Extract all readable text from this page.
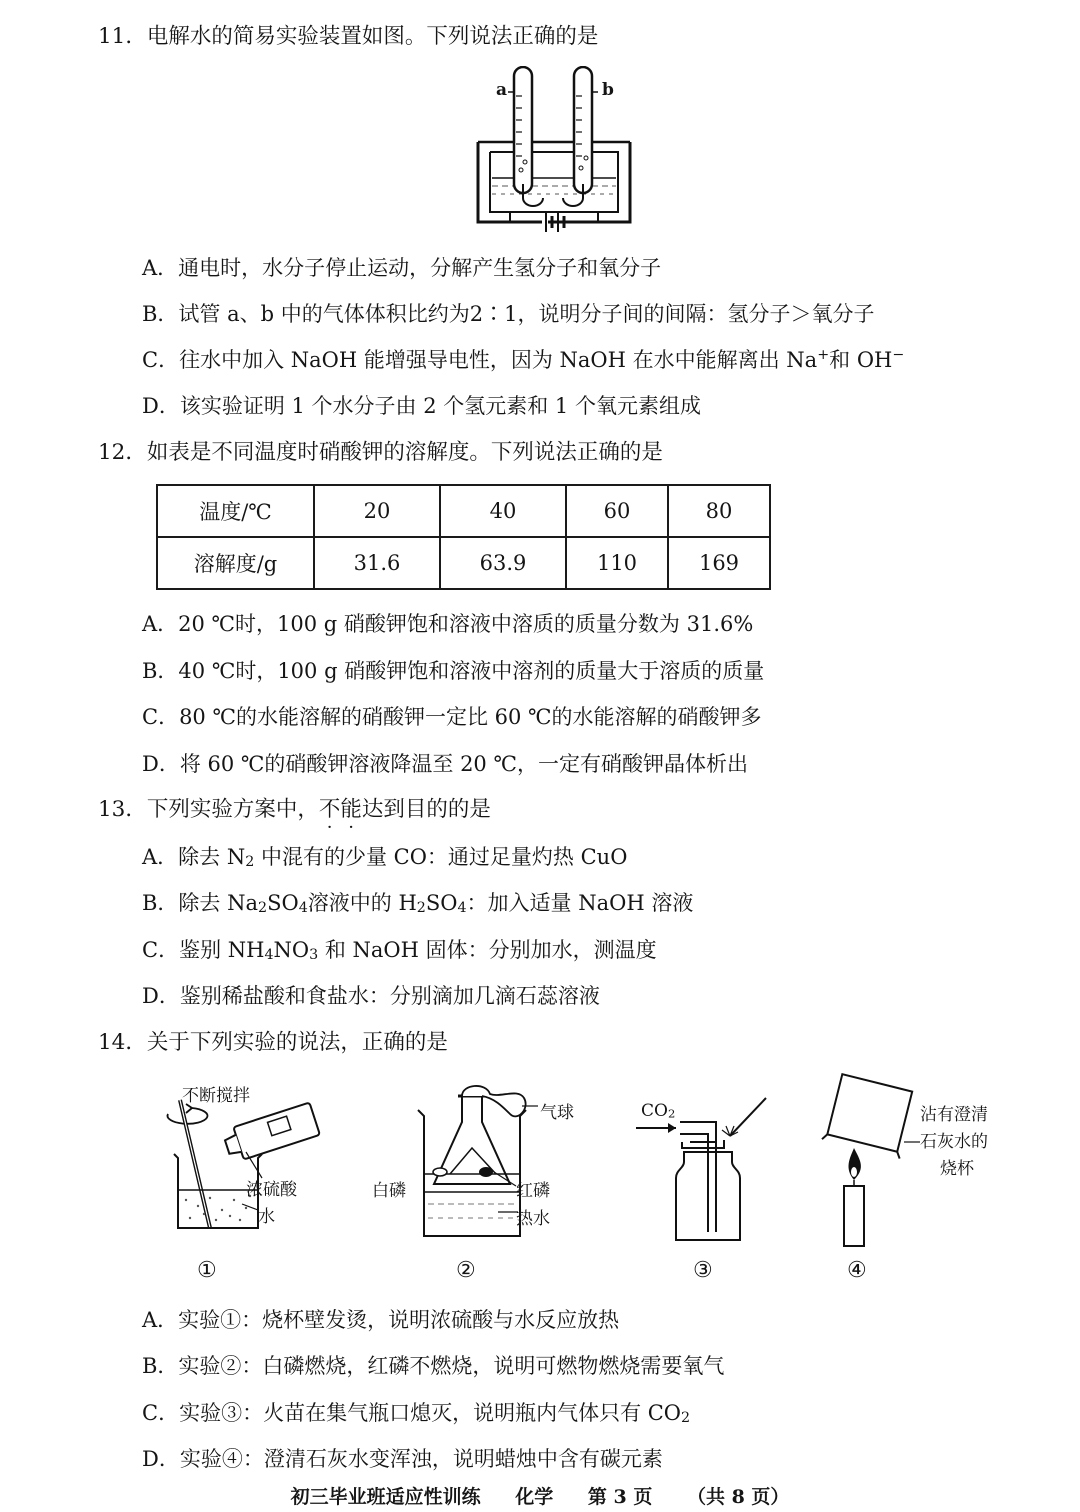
11．电解水的简易实验装置如图。下列说法正确的是
a	b
A．通电时，水分子停止运动，分解产生氢分子和氧分子
B．试管 a、b 中的气体体积比约为2∶1，说明分子间的间隔：氢分子＞氧分子
C．往水中加入 NaOH 能增强导电性，因为 NaOH 在水中能解离出 Na+和 OH−
D．该实验证明 1 个水分子由 2 个氢元素和 1 个氧元素组成
12．如表是不同温度时硝酸钾的溶解度。下列说法正确的是
温度/℃	20	40	60	80
溶解度/g	31.6	63.9	110	169
A．20 ℃时，100 g 硝酸钾饱和溶液中溶质的质量分数为 31.6%
B．40 ℃时，100 g 硝酸钾饱和溶液中溶剂的质量大于溶质的质量
C．80 ℃的水能溶解的硝酸钾一定比 60 ℃的水能溶解的硝酸钾多
D．将 60 ℃的硝酸钾溶液降温至 20 ℃，一定有硝酸钾晶体析出
13．下列实验方案中，不能达到目的的是
A．除去 $N_2$ 中混有的少量 CO：通过足量灼热 CuO
B．除去 $Na_2SO_4$溶液中的 $H_2SO_4$：加入适量 NaOH 溶液
C．鉴别 $NH_4NO_3$ 和 NaOH 固体：分别加水，测温度
D．鉴别稀盐酸和食盐水：分别滴加几滴石蕊溶液
14．关于下列实验的说法，正确的是
不断搅拌
浓硫酸
水
①
气球
白磷	红磷
热水
②
$CO_2$
③
沾有澄清
石灰水的
烧杯
④
A．实验①：烧杯壁发烫，说明浓硫酸与水反应放热
B．实验②：白磷燃烧，红磷不燃烧，说明可燃物燃烧需要氧气
C．实验③：火苗在集气瓶口熄灭，说明瓶内气体只有 $CO_2$
D．实验④：澄清石灰水变浑浊，说明蜡烛中含有碳元素
初三毕业班适应性训练 化学 第 3 页 （共 8 页）
